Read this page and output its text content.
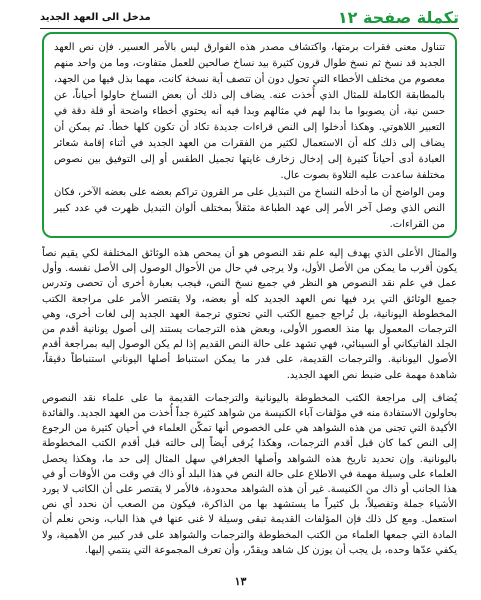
تكملة صفحة ١٢
مدخل الى العهد الجديد

تتناول معنى فقرات برمتها، واكتشاف مصدر هذه الفوارق ليس بالأمر العسير. فإن نص العهد الجديد قد نسخ ثم نسخ طوال قرون كثيرة بيد نساخ صالحين للعمل متفاوت، وما من واحد منهم معصوم من مختلف الأخطاء التي تحول دون أن تتصف أية نسخة كانت، مهما بذل فيها من الجهد، بالمطابقة الكاملة للمثال الذي أُخذت عنه. يضاف إلى ذلك أن بعض النساخ حاولوا أحياناً، عن حسن نية، أن يصوبوا ما بدا لهم في مثالهم وبدا فيه أنه يحتوي أخطاء واضحة أو قلة دقة في التعبير اللاهوتي. وهكذا أدخلوا إلى النص قراءات جديدة تكاد أن تكون كلها خطأ. ثم يمكن أن يضاف إلى ذلك كله أن الاستعمال لكثير من الفقرات من العهد الجديد في أثناء إقامة شعائر العبادة أدى أحياناً كثيرة إلى إدخال زخارف غايتها تجميل الطقس أو إلى التوفيق بين نصوص مختلفة ساعدت عليه التلاوة بصوت عال.

ومن الواضح أن ما أدخله النساخ من التبديل على مر القرون تراكم بعضه على بعضه الآخر، فكان النص الذي وصل آخر الأمر إلى عهد الطباعة مثقلاً بمختلف ألوان التبديل ظهرت في عدد كبير من القراءات.

والمثال الأعلى الذي يهدف إليه علم نقد النصوص هو أن يمحص هذه الوثائق المختلفة لكي يقيم نصاً يكون أقرب ما يمكن من الأصل الأول، ولا يرجى في حال من الأحوال الوصول إلى الأصل نفسه. وأول عمل في علم نقد النصوص هو النظر في جميع نسخ النص، فيجب بعبارة أخرى أن تحصى وتدرس جميع الوثائق التي يرد فيها نص العهد الجديد كله أو بعضه، ولا يقتصر الأمر على مراجعة الكتب المخطوطة اليونانية، بل تُراجع جميع الكتب التي تحتوي ترجمة العهد الجديد إلى لغات أخرى، وهي الترجمات المعمول بها منذ العصور الأولى، وبعض هذه الترجمات يستند إلى أصول يونانية أقدم من الجلد الفاتيكاني أو السينائي، فهي تشهد على حالة النص القديم إذا لم يكن الوصول إليه بمراجعة أقدم الأصول اليونانية. والترجمات القديمة، على قدر ما يمكن استنباط أصلها اليوناني استنباطاً دقيقاً، شاهدة مهمة على ضبط نص العهد الجديد.

يُضاف إلى مراجعة الكتب المخطوطة باليونانية والترجمات القديمة ما على علماء نقد النصوص بحاولون الاستفادة منه في مؤلفات آباء الكنيسة من شواهد كثيرة جداً أُخذت من العهد الجديد. والفائدة الأكيدة التي تجنى من هذه الشواهد هي على الخصوص أنها تمكّن العلماء في أحيان كثيرة من الرجوع إلى النص كما كان قبل أقدم الترجمات، وهكذا يُرقى أيضاً إلى حالته قبل أقدم الكتب المخطوطة باليونانية. وإن تحديد تاريخ هذه الشواهد وأصلها الجغرافي سهل المثال إلى حد ما، وهكذا يحصل العلماء على وسيلة مهمة في الاطلاع على حالة النص في هذا البلد أو ذاك في وقت من الأوقات أو في هذا الجانب أو ذاك من الكنيسة. غير أن هذه الشواهد محدودة، فالأمر لا يقتصر على أن الكاتب لا يورد الأشياء جملة وتفصيلاً، بل كثيراً ما يستشهد بها من الذاكرة، فيكون من الصعب أن نحدد أي نص استعمل. ومع كل ذلك فإن المؤلفات القديمة تبقى وسيلة لا غنى عنها في هذا الباب، ونحن نعلم أن المادة التي جمعها العلماء من الكتب المخطوطة والترجمات والشواهد على قدر كبير من الأهمية، ولا يكفي عدّها وحده، بل يجب أن يوزن كل شاهد ويقدّر، وأن تعرف المجموعة التي ينتمي إليها.

١٣
